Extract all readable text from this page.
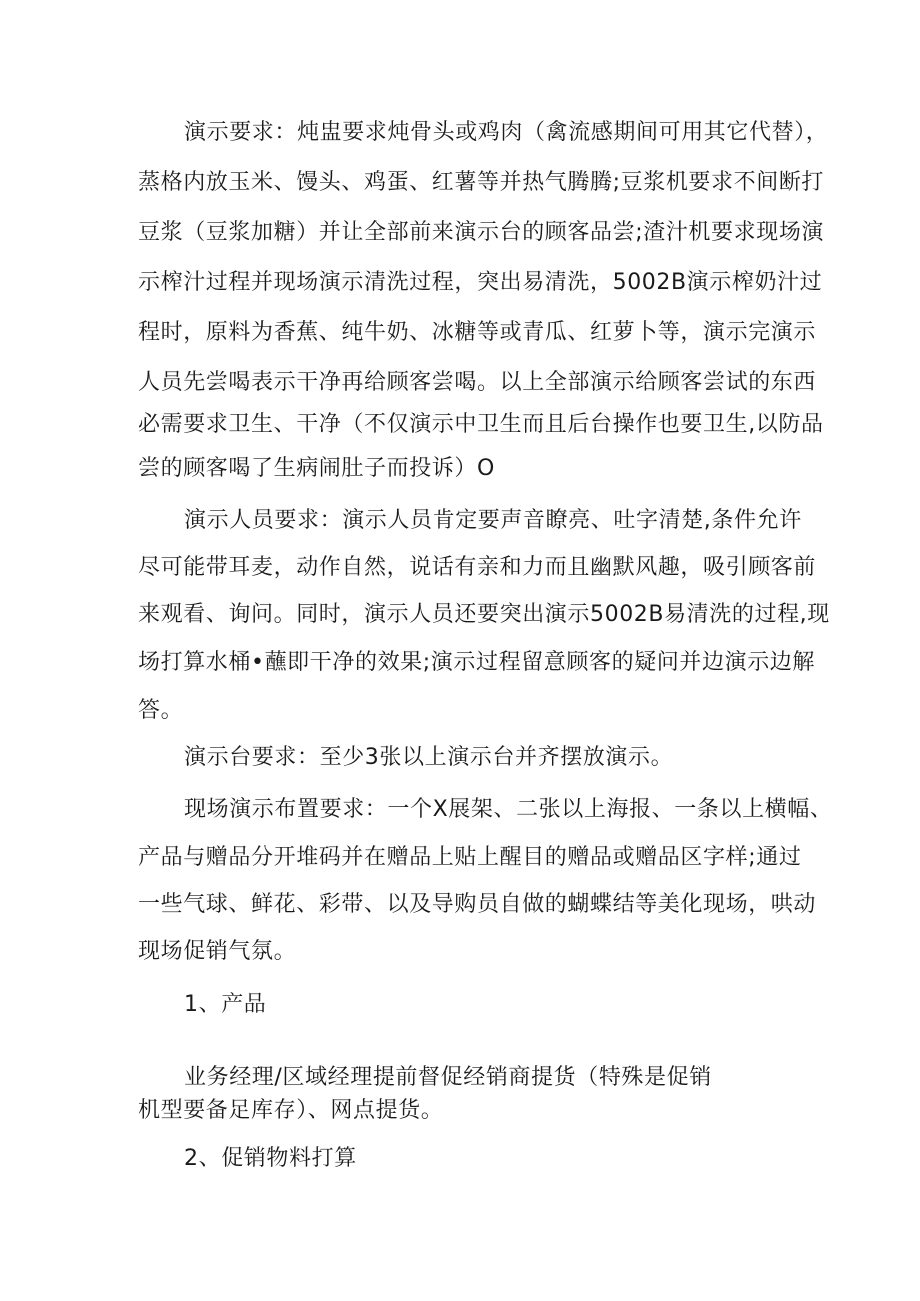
演示要求：炖盅要求炖骨头或鸡肉（禽流感期间可用其它代替），
蒸格内放玉米、馒头、鸡蛋、红薯等并热气腾腾;豆浆机要求不间断打
豆浆（豆浆加糖）并让全部前来演示台的顾客品尝;渣汁机要求现场演
示榨汁过程并现场演示清洗过程，突出易清洗，5002B演示榨奶汁过
程时，原料为香蕉、纯牛奶、冰糖等或青瓜、红萝卜等，演示完演示
人员先尝喝表示干净再给顾客尝喝。以上全部演示给顾客尝试的东西
必需要求卫生、干净（不仅演示中卫生而且后台操作也要卫生,以防品
尝的顾客喝了生病闹肚子而投诉）O
演示人员要求：演示人员肯定要声音瞭亮、吐字清楚,条件允许
尽可能带耳麦，动作自然，说话有亲和力而且幽默风趣，吸引顾客前
来观看、询问。同时，演示人员还要突出演示5002B易清洗的过程,现
场打算水桶•蘸即干净的效果;演示过程留意顾客的疑问并边演示边解
答。
演示台要求：至少3张以上演示台并齐摆放演示。
现场演示布置要求：一个X展架、二张以上海报、一条以上横幅、
产品与赠品分开堆码并在赠品上贴上醒目的赠品或赠品区字样;通过
一些气球、鲜花、彩带、以及导购员自做的蝴蝶结等美化现场，哄动
现场促销气氛。
1、产品
业务经理/区域经理提前督促经销商提货（特殊是促销
机型要备足库存）、网点提货。
2、促销物料打算
